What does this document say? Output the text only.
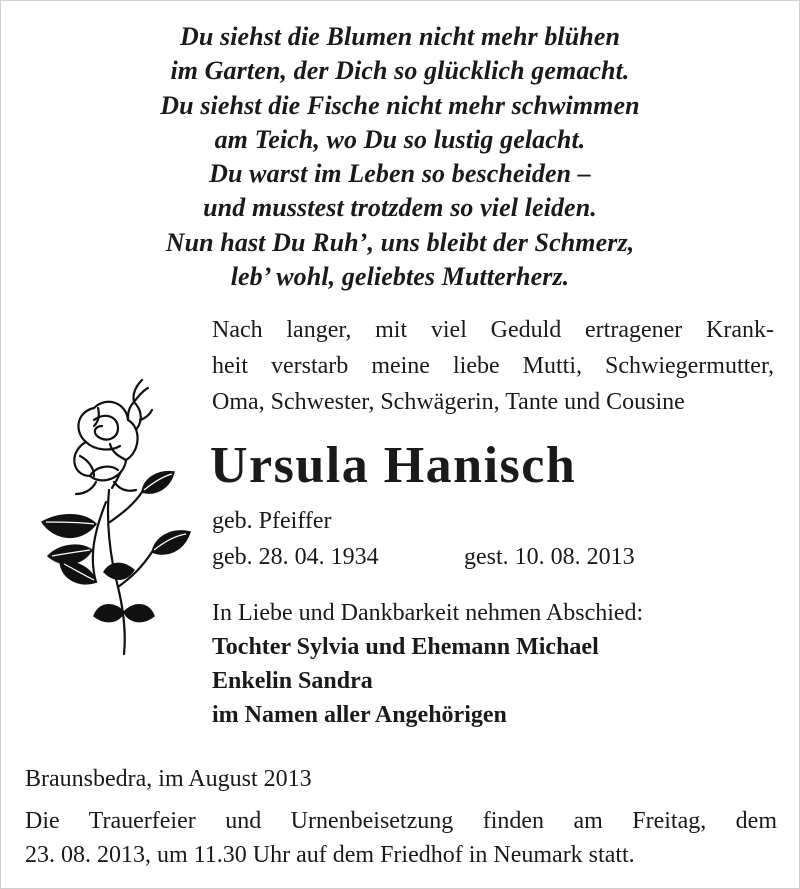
Du siehst die Blumen nicht mehr blühen
im Garten, der Dich so glücklich gemacht.
Du siehst die Fische nicht mehr schwimmen
am Teich, wo Du so lustig gelacht.
Du warst im Leben so bescheiden –
und musstest trotzdem so viel leiden.
Nun hast Du Ruh’, uns bleibt der Schmerz,
leb’ wohl, geliebtes Mutterherz.
Nach langer, mit viel Geduld ertragener Krank-
heit verstarb meine liebe Mutti, Schwiegermutter,
Oma, Schwester, Schwägerin, Tante und Cousine
Ursula Hanisch
geb. Pfeiffer
geb. 28. 04. 1934	gest. 10. 08. 2013
In Liebe und Dankbarkeit nehmen Abschied:
Tochter Sylvia und Ehemann Michael
Enkelin Sandra
im Namen aller Angehörigen
Braunsbedra, im August 2013
Die Trauerfeier und Urnenbeisetzung finden am Freitag, dem
23. 08. 2013, um 11.30 Uhr auf dem Friedhof in Neumark statt.
